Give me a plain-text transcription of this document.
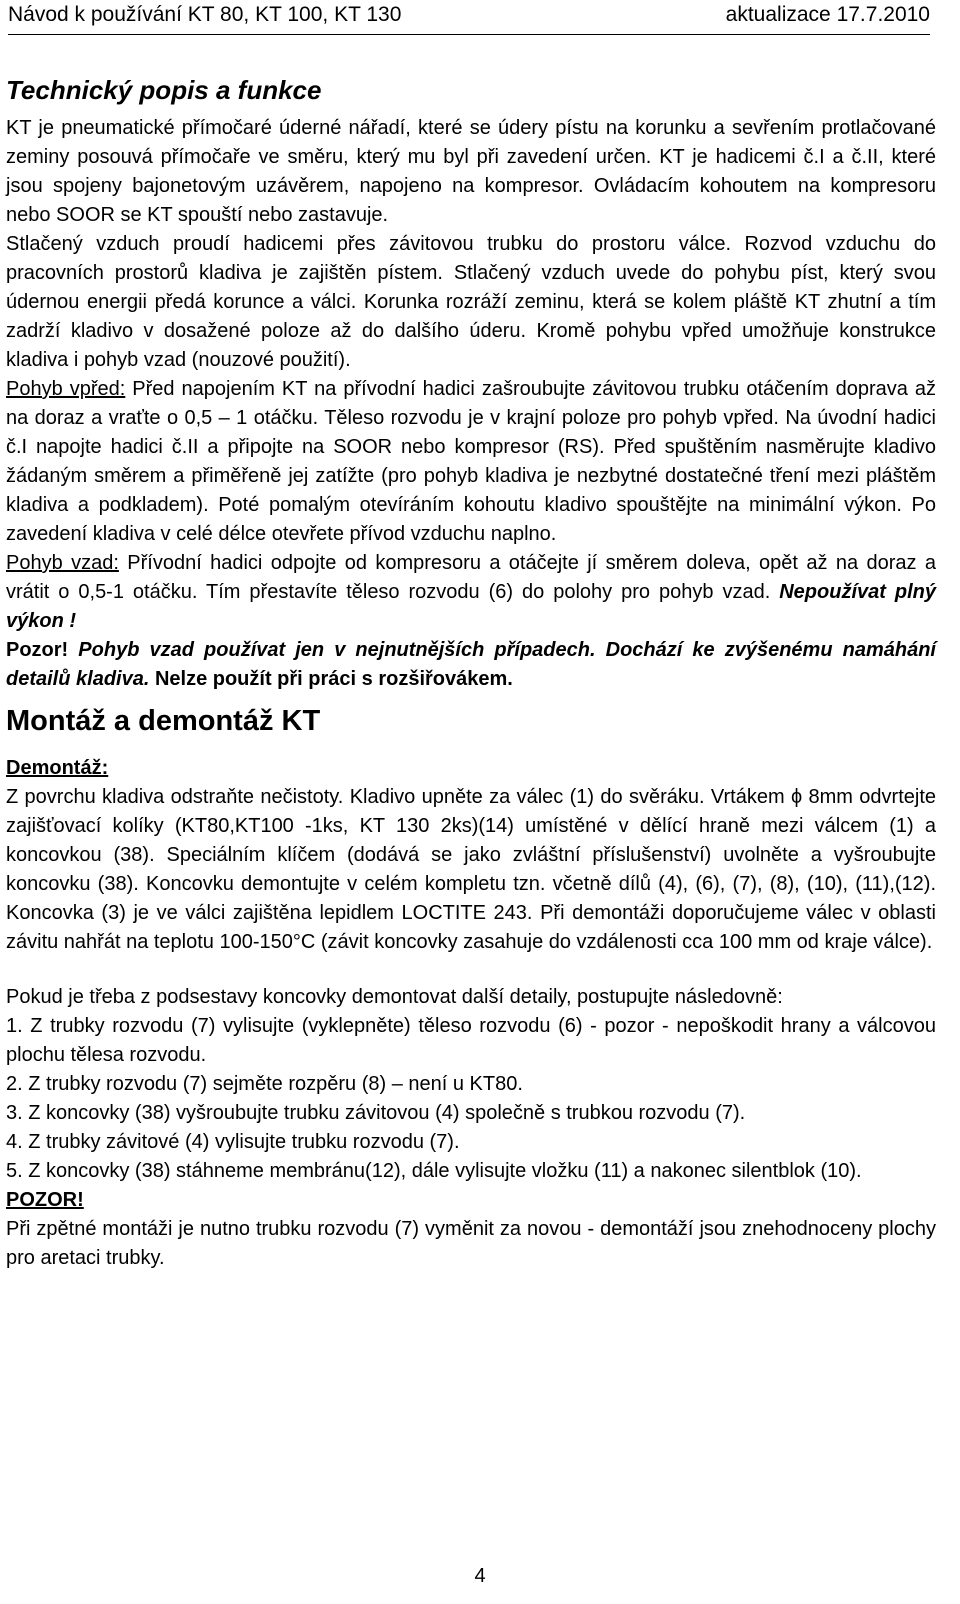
Návod k používání KT 80, KT 100, KT 130	aktualizace 17.7.2010
Technický popis a funkce

KT je pneumatické přímočaré úderné nářadí, které se údery pístu na korunku a sevřením protlačované zeminy posouvá přímočaře ve směru, který mu byl při zavedení určen. KT je hadicemi č.I a č.II, které jsou spojeny bajonetovým uzávěrem, napojeno na kompresor. Ovládacím kohoutem na kompresoru nebo SOOR se KT spouští nebo zastavuje.

Stlačený vzduch proudí hadicemi přes závitovou trubku do prostoru válce. Rozvod vzduchu do pracovních prostorů kladiva je zajištěn pístem. Stlačený vzduch uvede do pohybu píst, který svou údernou energii předá korunce a válci. Korunka rozráží zeminu, která se kolem pláště KT zhutní a tím zadrží kladivo v dosažené poloze až do dalšího úderu. Kromě pohybu vpřed umožňuje konstrukce kladiva i pohyb vzad (nouzové použití).

Pohyb vpřed: Před napojením KT na přívodní hadici zašroubujte závitovou trubku otáčením doprava až na doraz a vraťte o 0,5 – 1 otáčku. Těleso rozvodu je v krajní poloze pro pohyb vpřed. Na úvodní hadici č.I napojte hadici č.II a připojte na SOOR nebo kompresor (RS). Před spuštěním nasměrujte kladivo žádaným směrem a přiměřeně jej zatížte (pro pohyb kladiva je nezbytné dostatečné tření mezi pláštěm kladiva a podkladem). Poté pomalým otevíráním kohoutu kladivo spouštějte na minimální výkon. Po zavedení kladiva v celé délce otevřete přívod vzduchu naplno.

Pohyb vzad: Přívodní hadici odpojte od kompresoru a otáčejte jí směrem doleva, opět až na doraz a vrátit o 0,5-1 otáčku. Tím přestavíte těleso rozvodu (6) do polohy pro pohyb vzad. Nepoužívat plný výkon !

Pozor! Pohyb vzad používat jen v nejnutnějších případech. Dochází ke zvýšenému namáhání detailů kladiva. Nelze použít při práci s rozšiřovákem.

Montáž a demontáž KT

Demontáž:

Z povrchu kladiva odstraňte nečistoty. Kladivo upněte za válec (1) do svěráku. Vrtákem ϕ 8mm odvrtejte zajišťovací kolíky (KT80,KT100 -1ks, KT 130 2ks)(14) umístěné v dělící hraně mezi válcem (1) a koncovkou (38). Speciálním klíčem (dodává se jako zvláštní příslušenství) uvolněte a vyšroubujte koncovku (38). Koncovku demontujte v celém kompletu tzn. včetně dílů (4), (6), (7), (8), (10), (11),(12). Koncovka (3) je ve válci zajištěna lepidlem LOCTITE 243. Při demontáži doporučujeme válec v oblasti závitu nahřát na teplotu 100-150°C (závit koncovky zasahuje do vzdálenosti cca 100 mm od kraje válce).

Pokud je třeba z podsestavy koncovky demontovat další detaily, postupujte následovně:

1. Z trubky rozvodu (7) vylisujte (vyklepněte) těleso rozvodu (6) - pozor - nepoškodit hrany a válcovou plochu tělesa rozvodu.

2. Z trubky rozvodu (7) sejměte rozpěru (8) – není u KT80.

3. Z koncovky (38) vyšroubujte trubku závitovou (4) společně s trubkou rozvodu (7).

4. Z trubky závitové (4) vylisujte trubku rozvodu (7).

5. Z koncovky (38) stáhneme membránu(12), dále vylisujte vložku (11) a nakonec silentblok (10).

POZOR!

Při zpětné montáži je nutno trubku rozvodu (7) vyměnit za novou - demontáží jsou znehodnoceny plochy pro aretaci trubky.

4
